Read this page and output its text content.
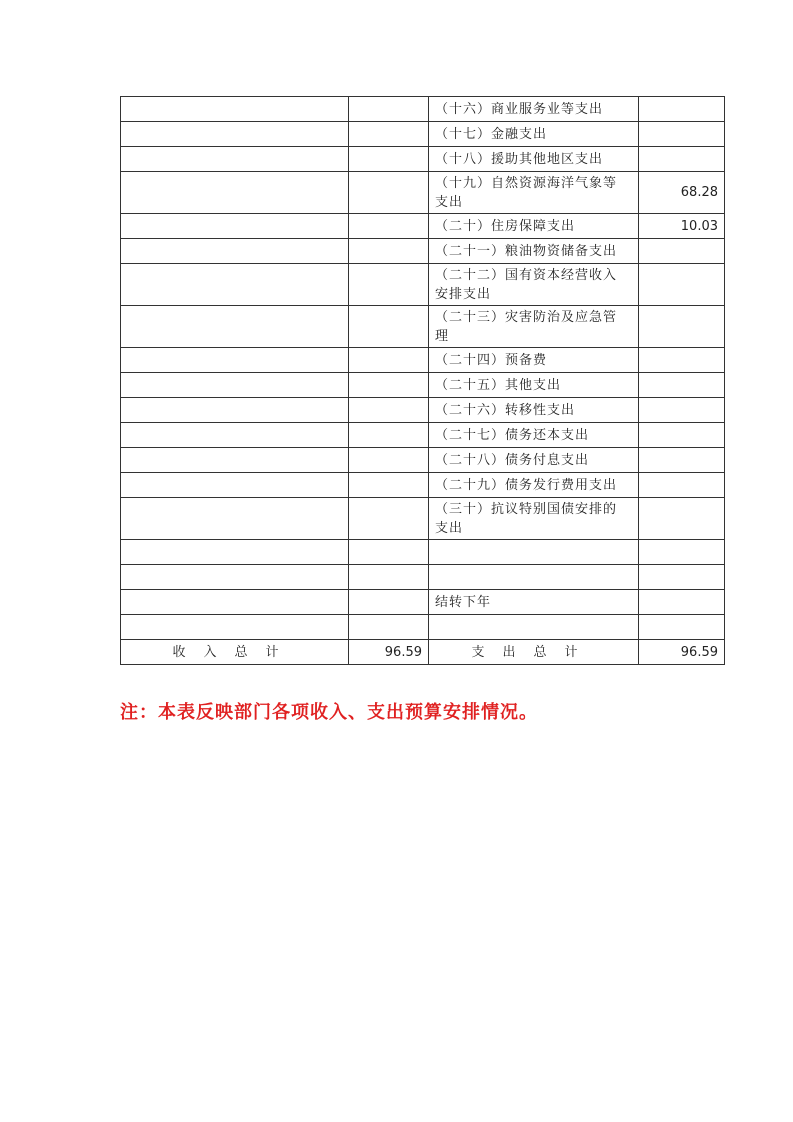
		（十六）商业服务业等支出	
		（十七）金融支出	
		（十八）援助其他地区支出	

		（十九）自然资源海洋气象等
支出	68.28
		（二十）住房保障支出	10.03
		（二十一）粮油物资储备支出	

		（二十二）国有资本经营收入
安排支出	

		（二十三）灾害防治及应急管
理	

		（二十四）预备费	
		（二十五）其他支出	
		（二十六）转移性支出	
		（二十七）债务还本支出	
		（二十八）债务付息支出	
		（二十九）债务发行费用支出	

		（三十）抗议特别国债安排的
支出	

		结转下年	

收入总计	96.59	支出总计	96.59
注：本表反映部门各项收入、支出预算安排情况。
